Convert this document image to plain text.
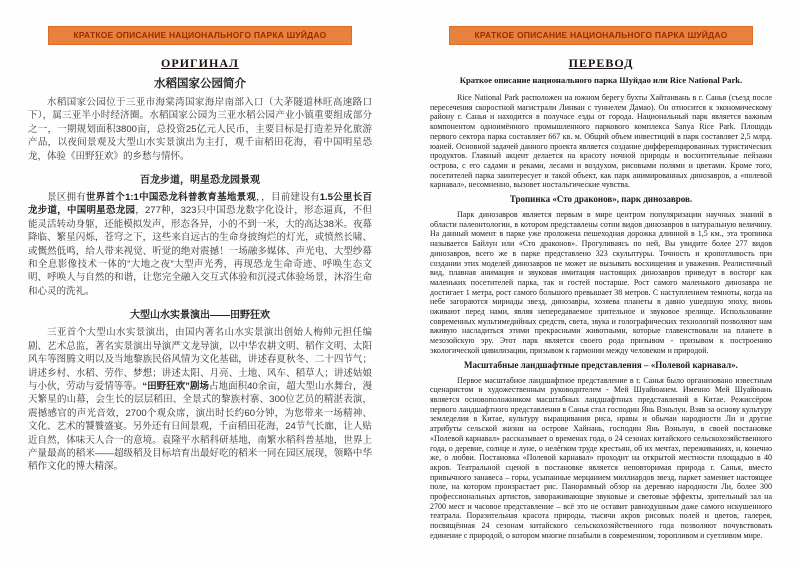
КРАТКОЕ ОПИСАНИЕ НАЦИОНАЛЬНОГО ПАРКА ШУЙДАО
ОРИГИНАЛ
水稻国家公园简介

水稻国家公园位于三亚市海棠湾国家海岸南部入口（大茅隧道林旺高速路口下），属三亚半小时经济圈。水稻国家公园为三亚水稻公园产业小镇重要组成部分之一，一期规划面积3800亩，总投资25亿元人民币，主要目标是打造差异化旅游产品，以夜间景观及大型山水实景演出为主打，观千亩稻田花海，看中国明星恐龙，体验《田野狂欢》的乡愁与情怀。

百龙步道，明星恐龙园景观

景区拥有世界首个1:1中国恐龙科普教育基地景观，，目前建设有1.5公里长百龙步道，中国明星恐龙园，277种，323只中国恐龙数字化设计，形态逼真，不但能灵活转动身躯，还能模拟发声，形态各异，小的不到一米，大的高达38米。夜幕降临、繁星闪烁，苍穹之下，这些来自远古的生命身披绚烂的灯光，或愤然长啸、或慨然低鸣，给人带来视觉、听觉的绝对震撼！一场融多媒体、声光电、大型纱幕和全息影像技术一体的“大地之夜”大型声光秀，再现恐龙生命奇迹、呼唤生态文明、呼唤人与自然的和谐，让您完全融入交互式体验和沉浸式体验场景，沐浴生命和心灵的洗礼。

大型山水实景演出——田野狂欢

三亚首个大型山水实景演出，由国内著名山水实景演出创始人梅帅元担任编剧、艺术总监，著名实景演出导演严文龙导演，以中华农耕文明、稻作文明、太阳风车等图腾文明以及当地黎族民俗风情为文化基础，讲述春夏秋冬、二十四节气；讲述乡村、水稻、劳作、梦想；讲述太阳、月亮、土地、风车、稻草人；讲述姑娘与小伙，劳动与爱情等等。“田野狂欢”剧场占地面积40余亩，超大型山水舞台，漫天繁星的山幕，会生长的层层稻田、全景式的黎族村寨、300位艺员的精湛表演，震撼感官的声光音效，2700个观众席，演出时长约60分钟，为您带来一场精神、文化、艺术的饕餮盛宴。另外还有日间景观，千亩稻田花海，24节气长廊，让人贴近自然，体味天人合一的意境。袁隆平水稻科研基地，南繁水稻科普基地，世界上产量最高的稻米——超级稻及目标培育出最好吃的稻米一同在园区展现，领略中华稻作文化的博大精深。

КРАТКОЕ ОПИСАНИЕ НАЦИОНАЛЬНОГО ПАРКА ШУЙДАО
ПЕРЕВОД
Краткое описание национального парка Шуйдао или Rice National Park.

Rice National Park расположен на южном берегу бухты Хайтанвань в г. Санья (съезд после пересечения скоростной магистрали Линван с туннелем Дамао). Он относится к экономическому району г. Санья и находится в получасе езды от города. Национальный парк является важным компонентом одноимённого промышленного паркового комплекса Sanya Rice Park. Площадь первого сектора парка составляет 667 кв. м. Общий объем инвестиций в парк составляет 2,5 млрд. юаней. Основной задачей данного проекта является создание дифференцированных туристических продуктов. Главный акцент делается на красоту ночной природы и восхитительные пейзажи острова, с его садами и реками, лесами и воздухом, рисовыми полями и цветами. Кроме того, посетителей парка заинтересует и такой объект, как парк анимированных динозавров, а «полевой карнавал», несомненно, вызовет ностальгические чувства.

Тропинка «Сто драконов», парк динозавров.

Парк динозавров является первым в мире центром популяризации научных знаний в области палеонтологии, в котором представлены сотни видов динозавров в натуральную величину. На данный момент в парке уже проложена пешеходная дорожка длинной в 1,5 км., эта тропинка называется Байлун или «Сто драконов». Прогуливаясь по ней, Вы увидите более 277 видов динозавров, всего же в парке представлено 323 скульптуры. Точность и кропотливость при создании этих моделей динозавров не может не вызывать восхищения и уважения. Реалистичный вид, плавная анимация и звуковая имитация настоящих динозавров приведут в восторг как маленьких посетителей парка, так и гостей постарше. Рост самого маленького динозавра не достигает 1 метра, рост самого большого превышает 38 метров. С наступлением темноты, когда на небе загораются мириады звезд, динозавры, хозяева планеты в давно ушедшую эпоху, вновь оживают перед нами, являя непередаваемое зрительное и звуковое зрелище. Использование современных мультимедийных средств, света, звука и голографических технологий позволяют нам вживую насладиться этими прекрасными животными, которые главенствовали на планете в мезозойскую эру. Этот парк является своего рода призывом - призывом к построению экологической цивилизации, призывом к гармонии между человеком и природой.

Масштабные ландшафтные представления – «Полевой карнавал».

Первое масштабное ландшафтное представление в г. Санья было организовано известным сценаристом и художественным руководителем - Мей Шуайюанем. Именно Мей Шуайюань является основоположником масштабных ландшафтных представлений в Китае. Режиссёром первого ландшафтного представления в Санья стал господин Янь Вэньлун. Взяв за основу культуру земледелия в Китае, культуру выращивания риса, нравы и обычаи народности Ли и другие атрибуты сельской жизни на острове Хайнань, господин Янь Вэньлун, в своей постановке «Полевой карнавал» рассказывает о временах года, о 24 сезонах китайского сельскохозяйственного года, о деревне, солнце и луне, о нелёгком труде крестьян, об их мечтах, переживаниях, и, конечно же, о любви. Постановка «Полевой карнавал» проходит на открытой местности площадью в 40 акров. Театральной сценой в постановке является неповторимая природа г. Санья, вместо привычного занавеса – горы, усыпанные мерцанием миллиардов звезд, паркет заменяет настоящее поле, на котором произрастает рис. Панорамный обзор на деревню народности Ли, более 300 профессиональных артистов, завораживающие звуковые и световые эффекты, зрительный зал на 2700 мест и часовое представление – всё это не оставит равнодушным даже самого искушенного театрала. Поразительная красота природы, тысячи акров рисовых полей и цветов, галерея, посвящённая 24 сезонам китайского сельскохозяйственного года позволяют почувствовать единение с природой, о котором многие позабыли в современном, торопливом и суетливом мире.
